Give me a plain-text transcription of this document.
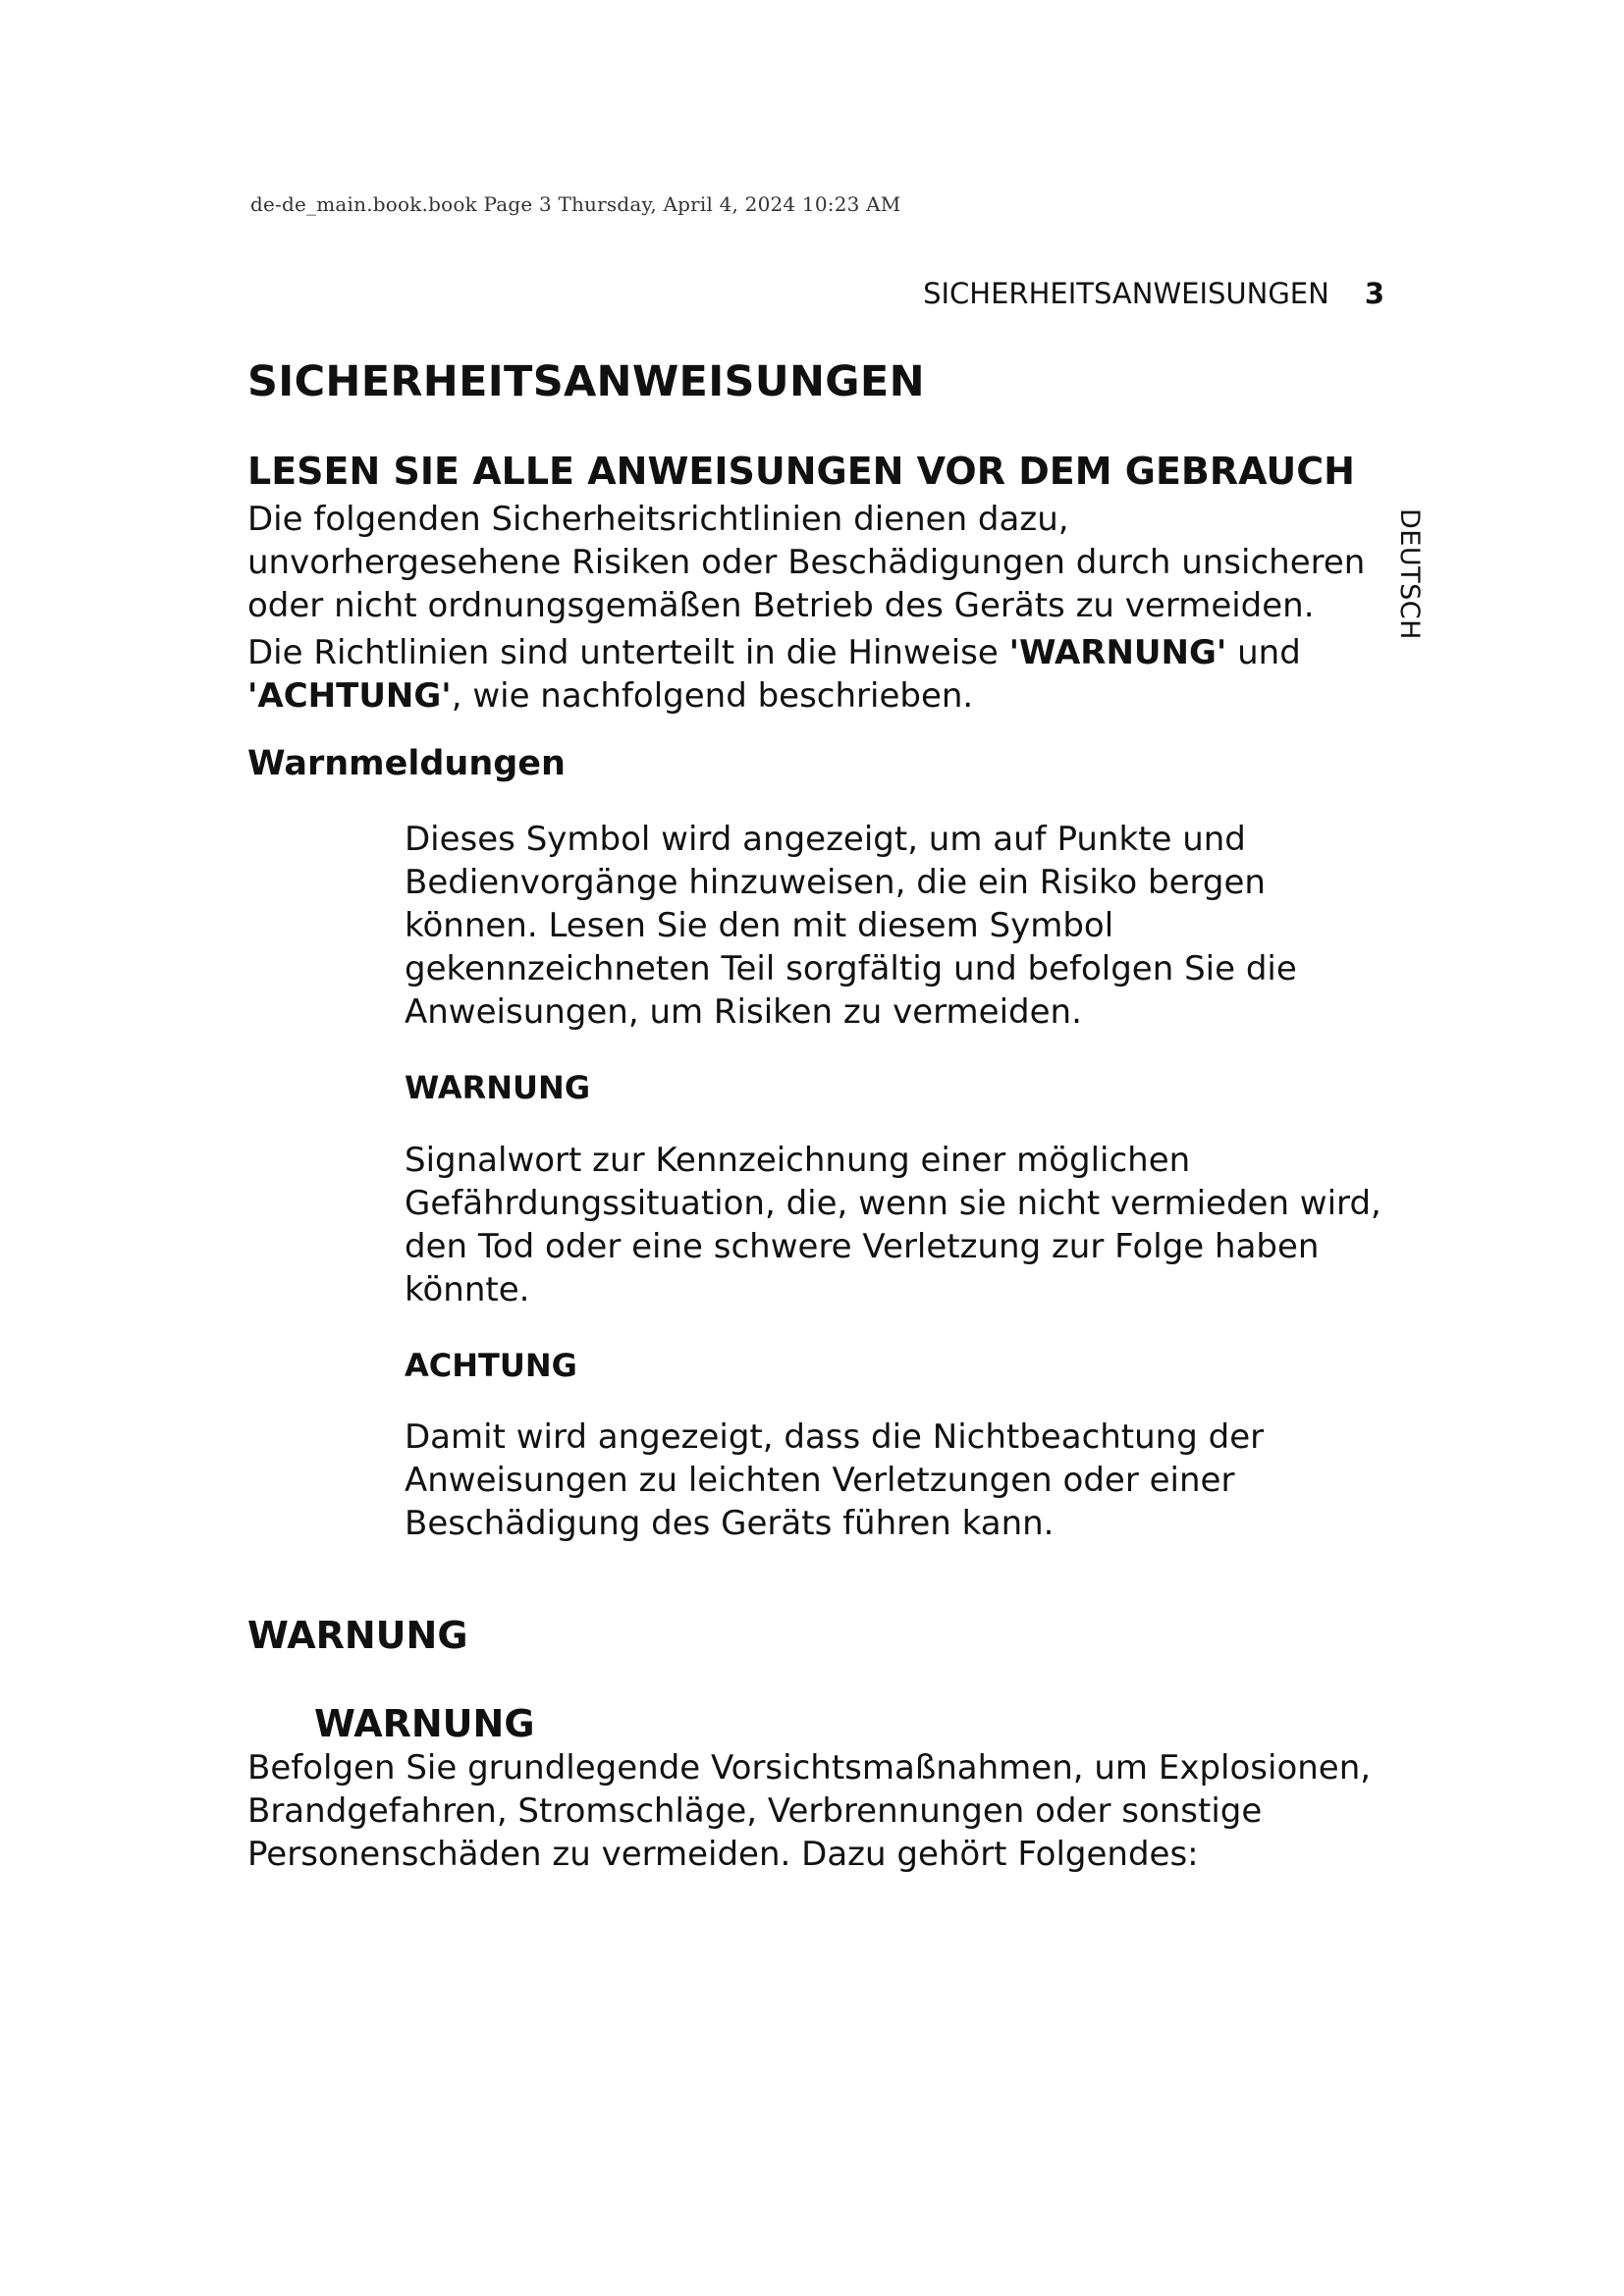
de-de_main.book.book Page 3 Thursday, April 4, 2024 10:23 AM
SICHERHEITSANWEISUNGEN 3
DEUTSCH
SICHERHEITSANWEISUNGEN
LESEN SIE ALLE ANWEISUNGEN VOR DEM GEBRAUCH

Die folgenden Sicherheitsrichtlinien dienen dazu, unvorhergesehene Risiken oder Beschädigungen durch unsicheren oder nicht ordnungsgemäßen Betrieb des Geräts zu vermeiden.

Die Richtlinien sind unterteilt in die Hinweise 'WARNUNG' und 'ACHTUNG', wie nachfolgend beschrieben.

Warnmeldungen

Dieses Symbol wird angezeigt, um auf Punkte und Bedienvorgänge hinzuweisen, die ein Risiko bergen können. Lesen Sie den mit diesem Symbol gekennzeichneten Teil sorgfältig und befolgen Sie die Anweisungen, um Risiken zu vermeiden.

WARNUNG

Signalwort zur Kennzeichnung einer möglichen Gefährdungssituation, die, wenn sie nicht vermieden wird, den Tod oder eine schwere Verletzung zur Folge haben könnte.

ACHTUNG

Damit wird angezeigt, dass die Nichtbeachtung der Anweisungen zu leichten Verletzungen oder einer Beschädigung des Geräts führen kann.

WARNUNG
WARNUNG

Befolgen Sie grundlegende Vorsichtsmaßnahmen, um Explosionen, Brandgefahren, Stromschläge, Verbrennungen oder sonstige Personenschäden zu vermeiden. Dazu gehört Folgendes:
